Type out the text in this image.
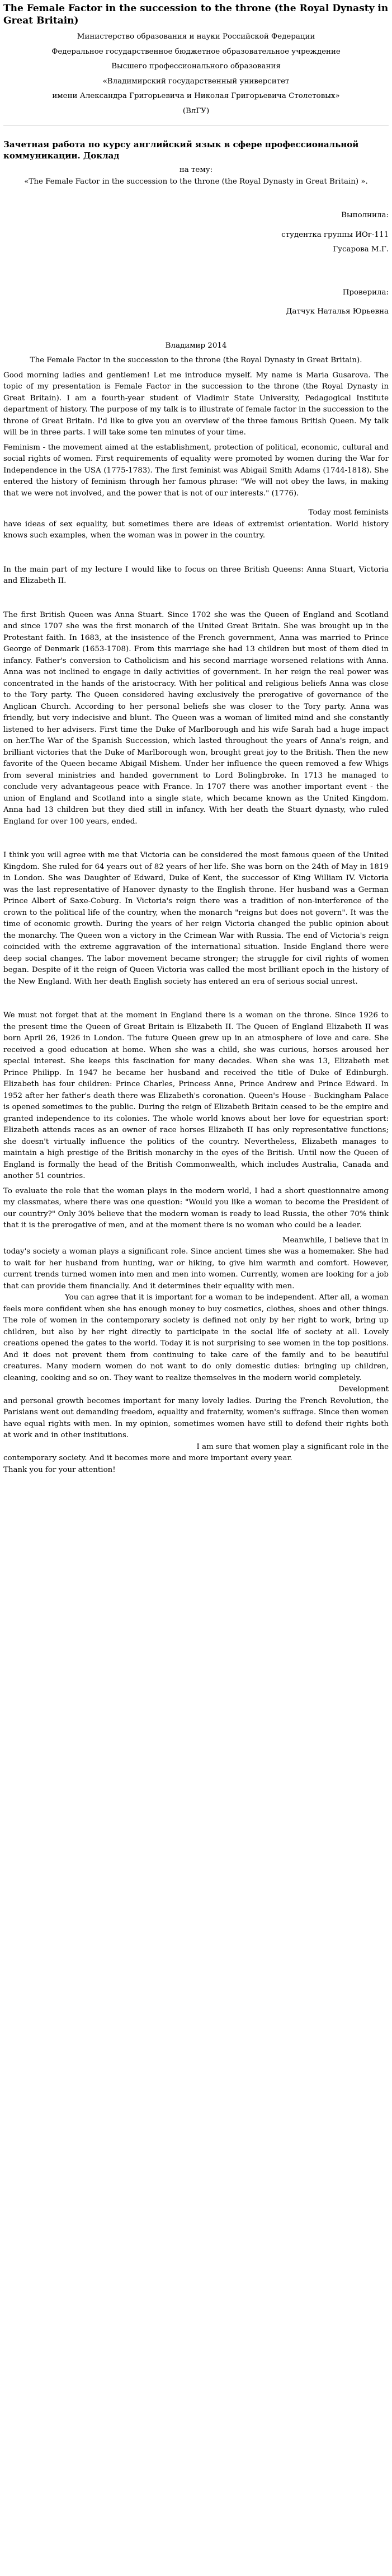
The Female Factor in the succession to the throne (the Royal Dynasty in Great Britain)

Министерство образования и науки Российской Федерации

Федеральное государственное бюджетное образовательное учреждение

Высшего профессионального образования

«Владимирский государственный университет

имени Александра Григорьевича и Николая Григорьевича Столетовых»

(ВлГУ)

Зачетная работа по курсу английский язык в сфере профессиональной коммуникации. Доклад

на тему:

«The Female Factor in the succession to the throne (the Royal Dynasty in Great Britain) ».

Выполнила:

студентка группы ИОг-111

Гусарова М.Г.

Проверила:

Датчук Наталья Юрьевна

Владимир 2014

The Female Factor in the succession to the throne (the Royal Dynasty in Great Britain).

Good morning ladies and gentlemen! Let me introduce myself. My name is Maria Gusarova. The topic of my presentation is Female Factor in the succession to the throne (the Royal Dynasty in Great Britain). I am a fourth-year student of Vladimir State University, Pedagogical Institute department of history. The purpose of my talk is to illustrate of female factor in the succession to the throne of Great Britain. I'd like to give you an overview of the three famous British Queen. My talk will be in three parts. I will take some ten minutes of your time.

Feminism - the movement aimed at the establishment, protection of political, economic, cultural and social rights of women. First requirements of equality were promoted by women during the War for Independence in the USA (1775-1783). The first feminist was Abigail Smith Adams (1744-1818). She entered the history of feminism through her famous phrase: "We will not obey the laws, in making that we were not involved, and the power that is not of our interests." (1776).

Today most feminists

have ideas of sex equality, but sometimes there are ideas of extremist orientation. World history knows such examples, when the woman was in power in the country.

In the main part of my lecture I would like to focus on three British Queens: Anna Stuart, Victoria and Elizabeth II.

The first British Queen was Anna Stuart. Since 1702 she was the Queen of England and Scotland and since 1707 she was the first monarch of the United Great Britain. She was brought up in the Protestant faith. In 1683, at the insistence of the French government, Anna was married to Prince George of Denmark (1653-1708). From this marriage she had 13 children but most of them died in infancy. Father's conversion to Catholicism and his second marriage worsened relations with Anna. Anna was not inclined to engage in daily activities of government. In her reign the real power was concentrated in the hands of the aristocracy. With her political and religious beliefs Anna was close to the Tory party. The Queen considered having exclusively the prerogative of governance of the Anglican Church. According to her personal beliefs she was closer to the Tory party. Anna was friendly, but very indecisive and blunt. The Queen was a woman of limited mind and she constantly listened to her advisers. First time the Duke of Marlborough and his wife Sarah had a huge impact on her.The War of the Spanish Succession, which lasted throughout the years of Anna's reign, and brilliant victories that the Duke of Marlborough won, brought great joy to the British. Then the new favorite of the Queen became Abigail Mishem. Under her influence the queen removed a few Whigs from several ministries and handed government to Lord Bolingbroke. In 1713 he managed to conclude very advantageous peace with France. In 1707 there was another important event - the union of England and Scotland into a single state, which became known as the United Kingdom. Anna had 13 children but they died still in infancy. With her death the Stuart dynasty, who ruled England for over 100 years, ended.

I think you will agree with me that Victoria can be considered the most famous queen of the United Kingdom. She ruled for 64 years out of 82 years of her life. She was born on the 24th of May in 1819 in London. She was Daughter of Edward, Duke of Kent, the successor of King William IV. Victoria was the last representative of Hanover dynasty to the English throne. Her husband was a German Prince Albert of Saxe-Coburg. In Victoria's reign there was a tradition of non-interference of the crown to the political life of the country, when the monarch "reigns but does not govern". It was the time of economic growth. During the years of her reign Victoria changed the public opinion about the monarchy. The Queen won a victory in the Crimean War with Russia. The end of Victoria's reign coincided with the extreme aggravation of the international situation. Inside England there were deep social changes. The labor movement became stronger; the struggle for civil rights of women began. Despite of it the reign of Queen Victoria was called the most brilliant epoch in the history of the New England. With her death English society has entered an era of serious social unrest.

We must not forget that at the moment in England there is a woman on the throne. Since 1926 to the present time the Queen of Great Britain is Elizabeth II. The Queen of England Elizabeth II was born April 26, 1926 in London. The future Queen grew up in an atmosphere of love and care. She received a good education at home. When she was a child, she was curious, horses aroused her special interest. She keeps this fascination for many decades. When she was 13, Elizabeth met Prince Philipp. In 1947 he became her husband and received the title of Duke of Edinburgh. Elizabeth has four children: Prince Charles, Princess Anne, Prince Andrew and Prince Edward. In 1952 after her father's death there was Elizabeth's coronation. Queen's House - Buckingham Palace is opened sometimes to the public. During the reign of Elizabeth Britain ceased to be the empire and granted independence to its colonies. The whole world knows about her love for equestrian sport: Elizabeth attends races as an owner of race horses Elizabeth II has only representative functions; she doesn't virtually influence the politics of the country. Nevertheless, Elizabeth manages to maintain a high prestige of the British monarchy in the eyes of the British. Until now the Queen of England is formally the head of the British Commonwealth, which includes Australia, Canada and another 51 countries.

To evaluate the role that the woman plays in the modern world, I had a short questionnaire among my classmates, where there was one question: "Would you like a woman to become the President of our country?" Only 30% believe that the modern woman is ready to lead Russia, the other 70% think that it is the prerogative of men, and at the moment there is no woman who could be a leader.

Meanwhile, I believe that in

today's society a woman plays a significant role. Since ancient times she was a homemaker. She had to wait for her husband from hunting, war or hiking, to give him warmth and comfort. However, current trends turned women into men and men into women. Currently, women are looking for a job that can provide them financially. And it determines their equality with men.

You can agree that it is important for a woman to be independent. After all, a woman feels more confident when she has enough money to buy cosmetics, clothes, shoes and other things. The role of women in the contemporary society is defined not only by her right to work, bring up children, but also by her right directly to participate in the social life of society at all. Lovely creations opened the gates to the world. Today it is not surprising to see women in the top positions. And it does not prevent them from continuing to take care of the family and to be beautiful creatures. Many modern women do not want to do only domestic duties: bringing up children, cleaning, cooking and so on. They want to realize themselves in the modern world completely.

Development

and personal growth becomes important for many lovely ladies. During the French Revolution, the Parisians went out demanding freedom, equality and fraternity, women's suffrage. Since then women have equal rights with men. In my opinion, sometimes women have still to defend their rights both at work and in other institutions.

I am sure that women play a significant role in the

contemporary society. And it becomes more and more important every year.

Thank you for your attention!
